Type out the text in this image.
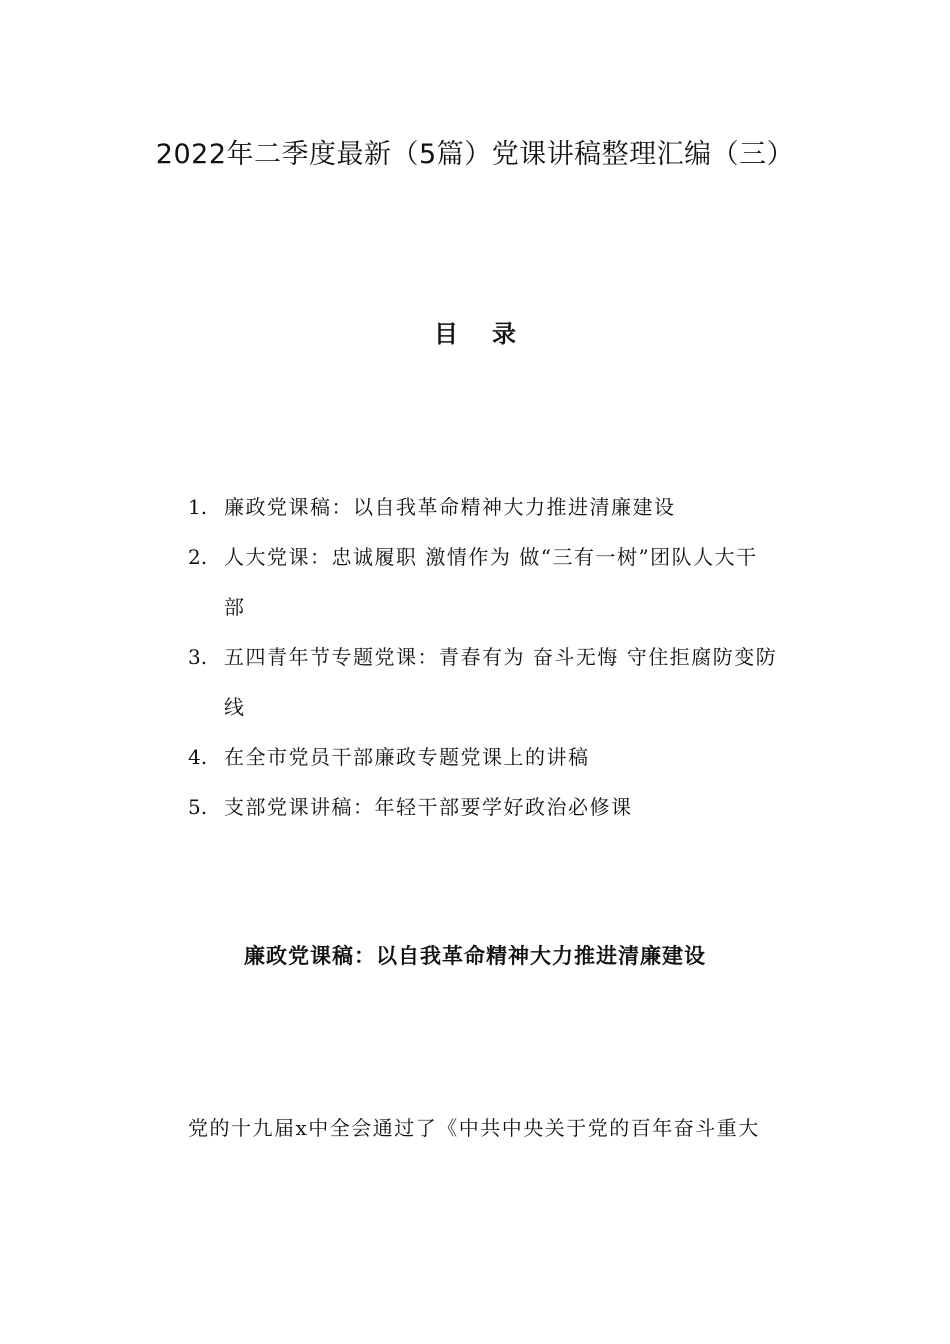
2022年二季度最新（5篇）党课讲稿整理汇编（三）
目录
1. 廉政党课稿：以自我革命精神大力推进清廉建设
2. 人大党课：忠诚履职 激情作为 做“三有一树”团队人大干
部
3. 五四青年节专题党课：青春有为 奋斗无悔 守住拒腐防变防
线
4. 在全市党员干部廉政专题党课上的讲稿
5. 支部党课讲稿：年轻干部要学好政治必修课
廉政党课稿：以自我革命精神大力推进清廉建设
党的十九届x中全会通过了《中共中央关于党的百年奋斗重大
